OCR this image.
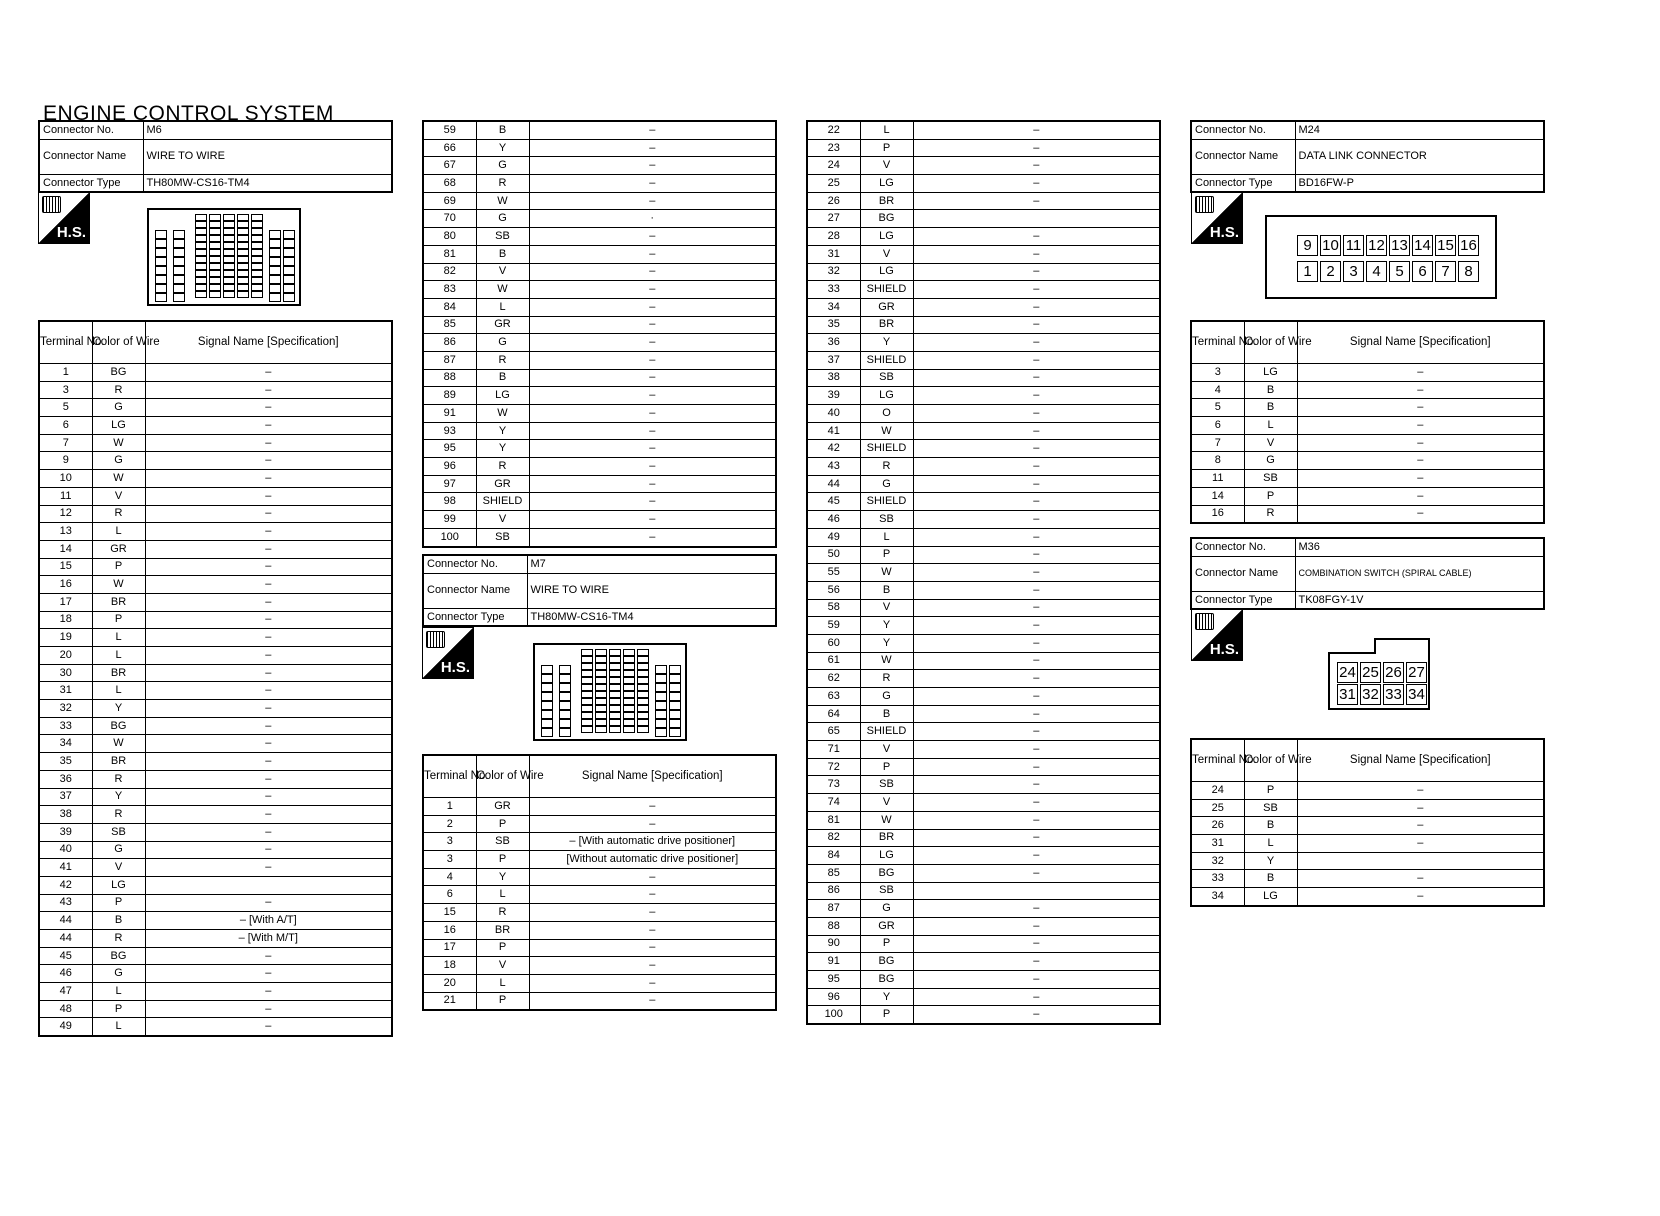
ENGINE CONTROL SYSTEM
Connector No.	M6
Connector Name	WIRE TO WIRE
Connector Type	TH80MW-CS16-TM4
H.S.
Terminal No.	Color of Wire	Signal Name [Specification]
1	BG	–
3	R	–
5	G	–
6	LG	–
7	W	–
9	G	–
10	W	–
11	V	–
12	R	–
13	L	–
14	GR	–
15	P	–
16	W	–
17	BR	–
18	P	–
19	L	–
20	L	–
30	BR	–
31	L	–
32	Y	–
33	BG	–
34	W	–
35	BR	–
36	R	–
37	Y	–
38	R	–
39	SB	–
40	G	–
41	V	–
42	LG	
43	P	–
44	B	– [With A/T]
44	R	– [With M/T]
45	BG	–
46	G	–
47	L	–
48	P	–
49	L	–
59	B	–
66	Y	–
67	G	–
68	R	–
69	W	–
70	G	·
80	SB	–
81	B	–
82	V	–
83	W	–
84	L	–
85	GR	–
86	G	–
87	R	–
88	B	–
89	LG	–
91	W	–
93	Y	–
95	Y	–
96	R	–
97	GR	–
98	SHIELD	–
99	V	–
100	SB	–
Connector No.	M7
Connector Name	WIRE TO WIRE
Connector Type	TH80MW-CS16-TM4
H.S.
Terminal No.	Color of Wire	Signal Name [Specification]
1	GR	–
2	P	–
3	SB	– [With automatic drive positioner]
3	P	[Without automatic drive positioner]
4	Y	–
6	L	–
15	R	–
16	BR	–
17	P	–
18	V	–
20	L	–
21	P	–
22	L	–
23	P	–
24	V	–
25	LG	–
26	BR	–
27	BG	
28	LG	–
31	V	–
32	LG	–
33	SHIELD	–
34	GR	–
35	BR	–
36	Y	–
37	SHIELD	–
38	SB	–
39	LG	–
40	O	–
41	W	–
42	SHIELD	–
43	R	–
44	G	–
45	SHIELD	–
46	SB	–
49	L	–
50	P	–
55	W	–
56	B	–
58	V	–
59	Y	–
60	Y	–
61	W	–
62	R	–
63	G	–
64	B	–
65	SHIELD	–
71	V	–
72	P	–
73	SB	–
74	V	–
81	W	–
82	BR	–
84	LG	–
85	BG	–
86	SB	
87	G	–
88	GR	–
90	P	–
91	BG	–
95	BG	–
96	Y	–
100	P	–
Connector No.	M24
Connector Name	DATA LINK CONNECTOR
Connector Type	BD16FW-P
H.S.
9 10 11 12 13 14 15 16
1 2 3 4 5 6 7 8
Terminal No.	Color of Wire	Signal Name [Specification]
3	LG	–
4	B	–
5	B	–
6	L	–
7	V	–
8	G	–
11	SB	–
14	P	–
16	R	–
Connector No.	M36
Connector Name	COMBINATION SWITCH (SPIRAL CABLE)
Connector Type	TK08FGY-1V
H.S.
24 25 26 27
31 32 33 34
Terminal No.	Color of Wire	Signal Name [Specification]
24	P	–
25	SB	–
26	B	–
31	L	–
32	Y	
33	B	–
34	LG	–
